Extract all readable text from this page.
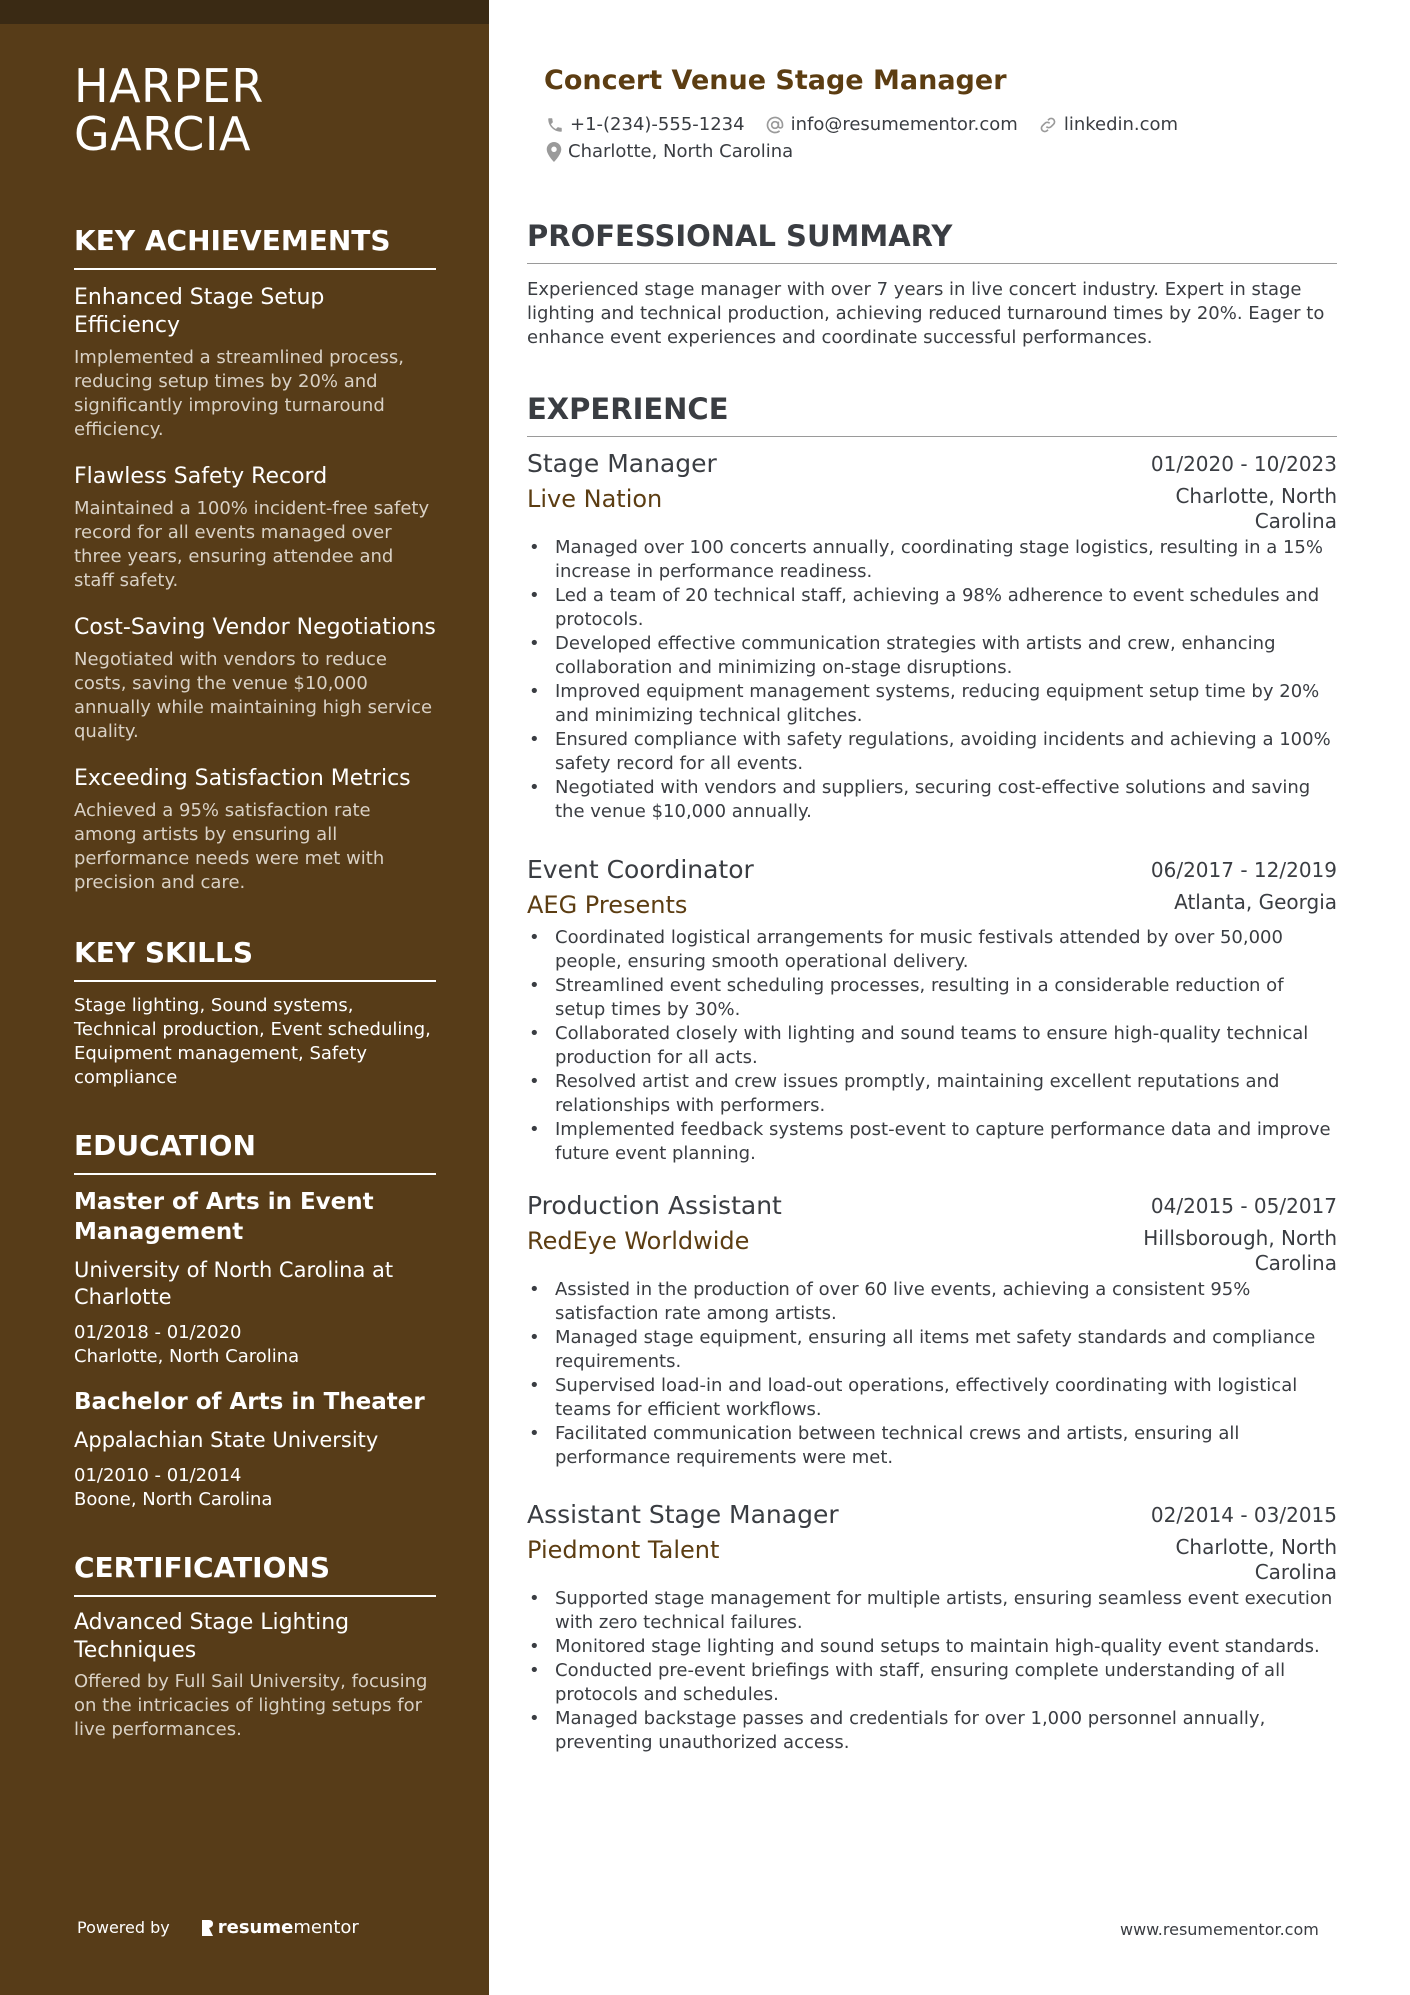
HARPER
GARCIA
KEY ACHIEVEMENTS
Enhanced Stage Setup Efficiency
Implemented a streamlined process, reducing setup times by 20% and significantly improving turnaround efficiency.
Flawless Safety Record
Maintained a 100% incident-free safety record for all events managed over three years, ensuring attendee and staff safety.
Cost-Saving Vendor Negotiations
Negotiated with vendors to reduce costs, saving the venue $10,000 annually while maintaining high service quality.
Exceeding Satisfaction Metrics
Achieved a 95% satisfaction rate among artists by ensuring all performance needs were met with precision and care.
KEY SKILLS
Stage lighting, Sound systems, Technical production, Event scheduling, Equipment management, Safety compliance
EDUCATION
Master of Arts in Event Management
University of North Carolina at Charlotte
01/2018 - 01/2020
Charlotte, North Carolina
Bachelor of Arts in Theater
Appalachian State University
01/2010 - 01/2014
Boone, North Carolina
CERTIFICATIONS
Advanced Stage Lighting Techniques
Offered by Full Sail University, focusing on the intricacies of lighting setups for live performances.
Powered by	resume mentor
Concert Venue Stage Manager
+1-(234)-555-1234	info@resumementor.com	linkedin.com
Charlotte, North Carolina
PROFESSIONAL SUMMARY
Experienced stage manager with over 7 years in live concert industry. Expert in stage lighting and technical production, achieving reduced turnaround times by 20%. Eager to enhance event experiences and coordinate successful performances.
EXPERIENCE
Stage Manager	01/2020 - 10/2023
Live Nation	Charlotte, North Carolina
• Managed over 100 concerts annually, coordinating stage logistics, resulting in a 15% increase in performance readiness.
• Led a team of 20 technical staff, achieving a 98% adherence to event schedules and protocols.
• Developed effective communication strategies with artists and crew, enhancing collaboration and minimizing on-stage disruptions.
• Improved equipment management systems, reducing equipment setup time by 20% and minimizing technical glitches.
• Ensured compliance with safety regulations, avoiding incidents and achieving a 100% safety record for all events.
• Negotiated with vendors and suppliers, securing cost-effective solutions and saving the venue $10,000 annually.
Event Coordinator	06/2017 - 12/2019
AEG Presents	Atlanta, Georgia
• Coordinated logistical arrangements for music festivals attended by over 50,000 people, ensuring smooth operational delivery.
• Streamlined event scheduling processes, resulting in a considerable reduction of setup times by 30%.
• Collaborated closely with lighting and sound teams to ensure high-quality technical production for all acts.
• Resolved artist and crew issues promptly, maintaining excellent reputations and relationships with performers.
• Implemented feedback systems post-event to capture performance data and improve future event planning.
Production Assistant	04/2015 - 05/2017
RedEye Worldwide	Hillsborough, North Carolina
• Assisted in the production of over 60 live events, achieving a consistent 95% satisfaction rate among artists.
• Managed stage equipment, ensuring all items met safety standards and compliance requirements.
• Supervised load-in and load-out operations, effectively coordinating with logistical teams for efficient workflows.
• Facilitated communication between technical crews and artists, ensuring all performance requirements were met.
Assistant Stage Manager	02/2014 - 03/2015
Piedmont Talent	Charlotte, North Carolina
• Supported stage management for multiple artists, ensuring seamless event execution with zero technical failures.
• Monitored stage lighting and sound setups to maintain high-quality event standards.
• Conducted pre-event briefings with staff, ensuring complete understanding of all protocols and schedules.
• Managed backstage passes and credentials for over 1,000 personnel annually, preventing unauthorized access.
www.resumementor.com
